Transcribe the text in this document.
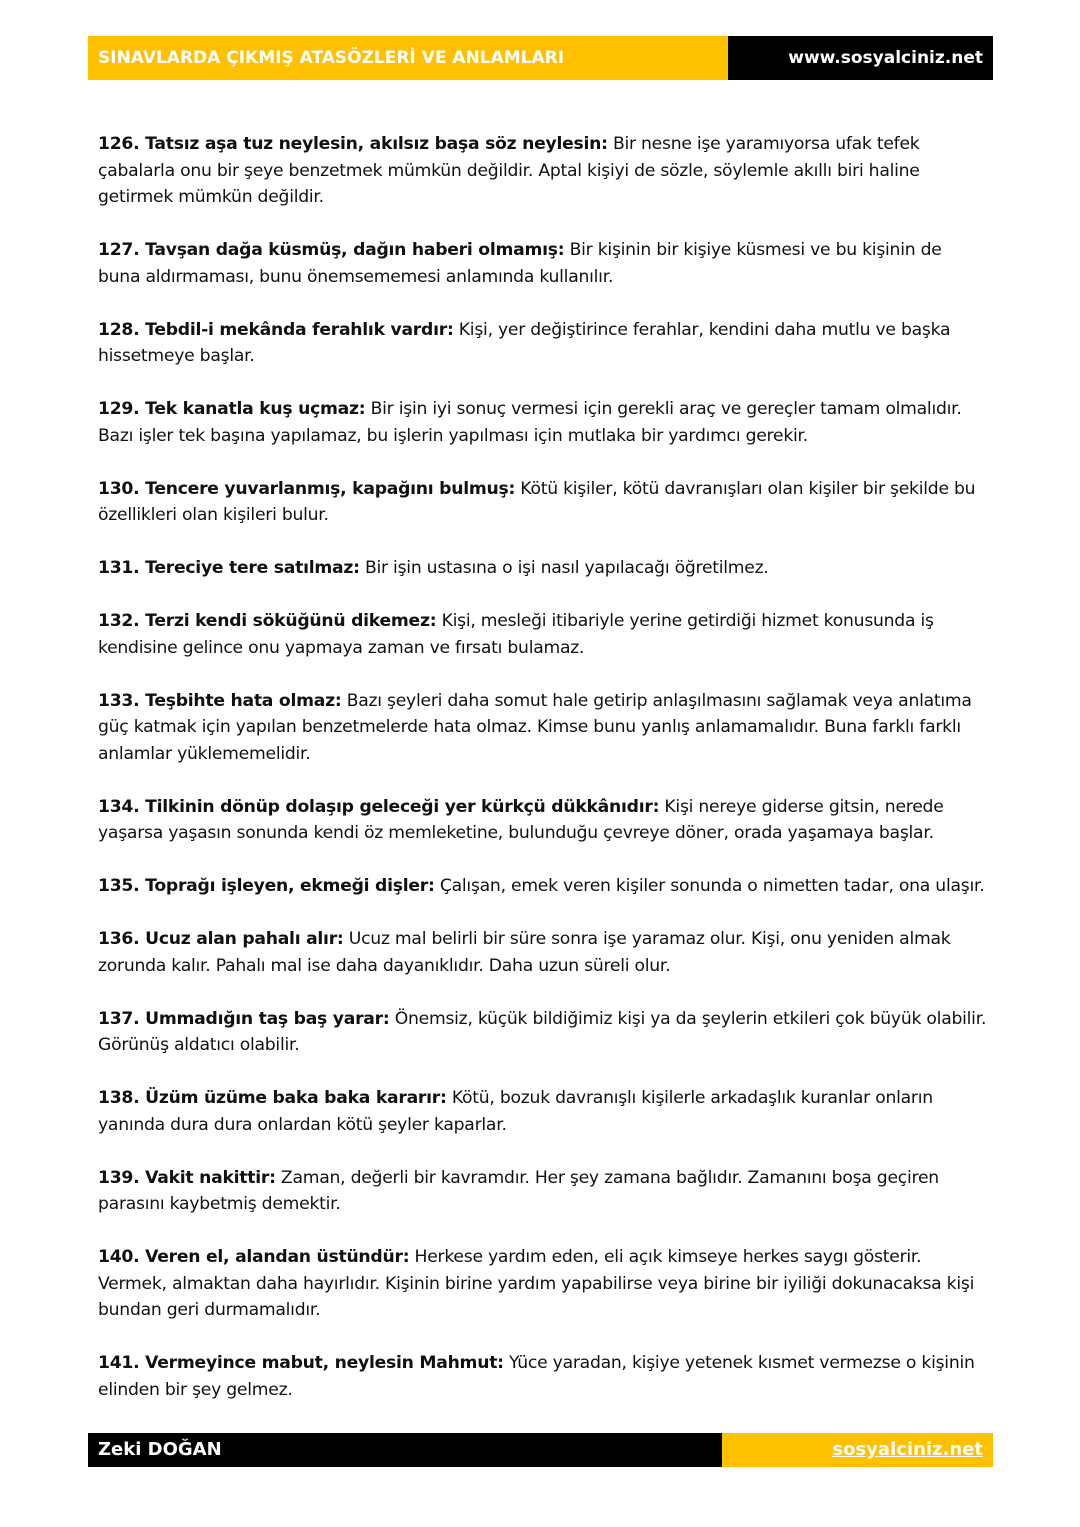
SINAVLARDA ÇIKMIŞ ATASÖZLERİ VE ANLAMLARI	www.sosyalciniz.net

126. Tatsız aşa tuz neylesin, akılsız başa söz neylesin: Bir nesne işe yaramıyorsa ufak tefek çabalarla onu bir şeye benzetmek mümkün değildir. Aptal kişiyi de sözle, söylemle akıllı biri haline getirmek mümkün değildir.

127. Tavşan dağa küsmüş, dağın haberi olmamış: Bir kişinin bir kişiye küsmesi ve bu kişinin de buna aldırmaması, bunu önemsememesi anlamında kullanılır.

128. Tebdil-i mekânda ferahlık vardır: Kişi, yer değiştirince ferahlar, kendini daha mutlu ve başka hissetmeye başlar.

129. Tek kanatla kuş uçmaz: Bir işin iyi sonuç vermesi için gerekli araç ve gereçler tamam olmalıdır. Bazı işler tek başına yapılamaz, bu işlerin yapılması için mutlaka bir yardımcı gerekir.

130. Tencere yuvarlanmış, kapağını bulmuş: Kötü kişiler, kötü davranışları olan kişiler bir şekilde bu özellikleri olan kişileri bulur.

131. Tereciye tere satılmaz: Bir işin ustasına o işi nasıl yapılacağı öğretilmez.

132. Terzi kendi söküğünü dikemez: Kişi, mesleği itibariyle yerine getirdiği hizmet konusunda iş kendisine gelince onu yapmaya zaman ve fırsatı bulamaz.

133. Teşbihte hata olmaz: Bazı şeyleri daha somut hale getirip anlaşılmasını sağlamak veya anlatıma güç katmak için yapılan benzetmelerde hata olmaz. Kimse bunu yanlış anlamamalıdır. Buna farklı farklı anlamlar yüklememelidir.

134. Tilkinin dönüp dolaşıp geleceği yer kürkçü dükkânıdır: Kişi nereye giderse gitsin, nerede yaşarsa yaşasın sonunda kendi öz memleketine, bulunduğu çevreye döner, orada yaşamaya başlar.

135. Toprağı işleyen, ekmeği dişler: Çalışan, emek veren kişiler sonunda o nimetten tadar, ona ulaşır.

136. Ucuz alan pahalı alır: Ucuz mal belirli bir süre sonra işe yaramaz olur. Kişi, onu yeniden almak zorunda kalır. Pahalı mal ise daha dayanıklıdır. Daha uzun süreli olur.

137. Ummadığın taş baş yarar: Önemsiz, küçük bildiğimiz kişi ya da şeylerin etkileri çok büyük olabilir. Görünüş aldatıcı olabilir.

138. Üzüm üzüme baka baka kararır: Kötü, bozuk davranışlı kişilerle arkadaşlık kuranlar onların yanında dura dura onlardan kötü şeyler kaparlar.

139. Vakit nakittir: Zaman, değerli bir kavramdır. Her şey zamana bağlıdır. Zamanını boşa geçiren parasını kaybetmiş demektir.

140. Veren el, alandan üstündür: Herkese yardım eden, eli açık kimseye herkes saygı gösterir. Vermek, almaktan daha hayırlıdır. Kişinin birine yardım yapabilirse veya birine bir iyiliği dokunacaksa kişi bundan geri durmamalıdır.

141. Vermeyince mabut, neylesin Mahmut: Yüce yaradan, kişiye yetenek kısmet vermezse o kişinin elinden bir şey gelmez.

Zeki DOĞAN	sosyalciniz.net
